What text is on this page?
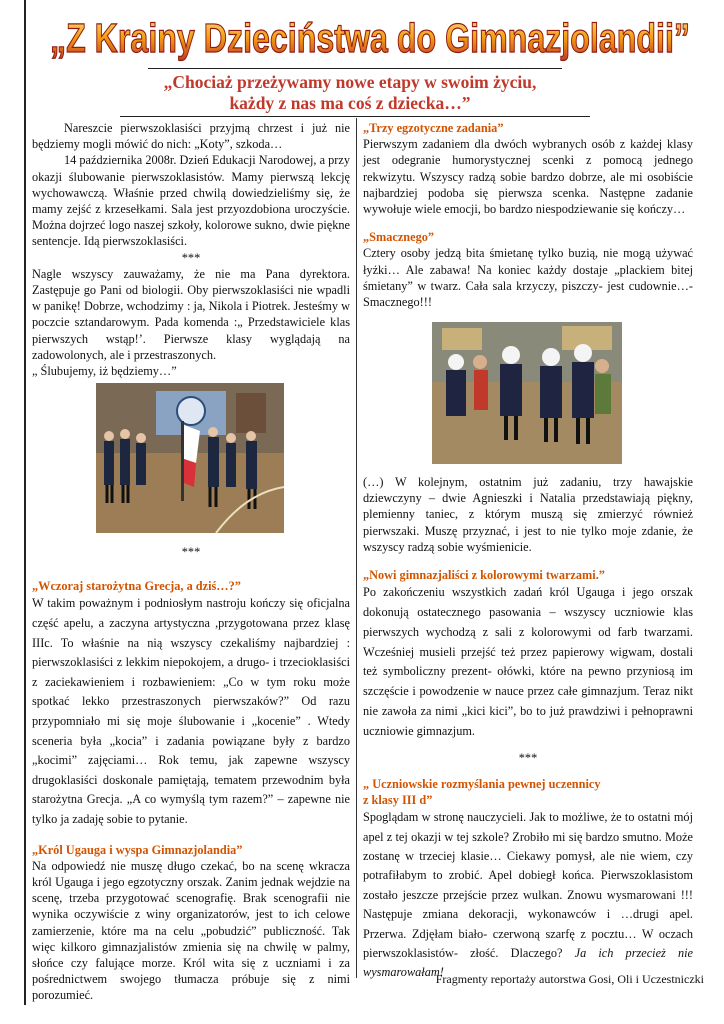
„Z Krainy Dzieciństwa do Gimnazjolandii”
„Chociaż przeżywamy nowe etapy w swoim życiu,
każdy z nas ma coś z dziecka…”

Nareszcie pierwszoklasiści przyjmą chrzest i już nie będziemy mogli mówić do nich: „Koty”, szkoda…

14 października 2008r. Dzień Edukacji Narodowej, a przy okazji ślubowanie pierwszoklasistów. Mamy pierwszą lekcję wychowawczą. Właśnie przed chwilą dowiedzieliśmy się, że mamy zejść z krzesełkami. Sala jest przyozdobiona uroczyście. Można dojrzeć logo naszej szkoły, kolorowe sukno, dwie piękne sentencje. Idą pierwszoklasiści.

***

Nagle wszyscy zauważamy, że nie ma Pana dyrektora. Zastępuje go Pani od biologii. Oby pierwszoklasiści nie wpadli w panikę! Dobrze, wchodzimy : ja, Nikola i Piotrek. Jesteśmy w poczcie sztandarowym. Pada komenda :„ Przedstawiciele klas pierwszych wstąp!’. Pierwsze klasy wyglądają na zadowolonych, ale i przestraszonych.

„ Ślubujemy, iż będziemy…”

***

„Wczoraj starożytna Grecja, a dziś…?”

W takim poważnym i podniosłym nastroju kończy się oficjalna część apelu, a zaczyna artystyczna ,przygotowana przez klasę IIIc. To właśnie na nią wszyscy czekaliśmy najbardziej : pierwszoklasiści z lekkim niepokojem, a drugo- i trzecioklasiści z zaciekawieniem i rozbawieniem: „Co w tym roku może spotkać lekko przestraszonych pierwszaków?” Od razu przypomniało mi się moje ślubowanie i „kocenie” . Wtedy sceneria była „kocia” i zadania powiązane były z bardzo „kocimi” zajęciami… Rok temu, jak zapewne wszyscy drugoklasiści doskonale pamiętają, tematem przewodnim była starożytna Grecja. „A co wymyślą tym razem?” – zapewne nie tylko ja zadaję sobie to pytanie.

„Król Ugauga i wyspa Gimnazjolandia”

Na odpowiedź nie muszę długo czekać, bo na scenę wkracza król Ugauga i jego egzotyczny orszak. Zanim jednak wejdzie na scenę, trzeba przygotować scenografię. Brak scenografii nie wynika oczywiście z winy organizatorów, jest to ich celowe zamierzenie, które ma na celu „pobudzić” publiczność. Tak więc kilkoro gimnazjalistów zmienia się na chwilę w palmy, słońce czy falujące morze. Król wita się z uczniami i za pośrednictwem swojego tłumacza próbuje się z nimi porozumieć.

„Trzy egzotyczne zadania”

Pierwszym zadaniem dla dwóch wybranych osób z każdej klasy jest odegranie humorystycznej scenki z pomocą jednego rekwizytu. Wszyscy radzą sobie bardzo dobrze, ale mi osobiście najbardziej podoba się pierwsza scenka. Następne zadanie wywołuje wiele emocji, bo bardzo niespodziewanie się kończy…

„Smacznego”

Cztery osoby jedzą bita śmietanę tylko buzią, nie mogą używać łyżki… Ale zabawa! Na koniec każdy dostaje „plackiem bitej śmietany” w twarz. Cała sala krzyczy, piszczy- jest cudownie…- Smacznego!!!

(…) W kolejnym, ostatnim już zadaniu, trzy hawajskie dziewczyny – dwie Agnieszki i Natalia przedstawiają piękny, plemienny taniec, z którym muszą się zmierzyć również pierwszaki. Muszę przyznać, i jest to nie tylko moje zdanie, że wszyscy radzą sobie wyśmienicie.

„Nowi gimnazjaliści z kolorowymi twarzami.”

Po zakończeniu wszystkich zadań król Ugauga i jego orszak dokonują ostatecznego pasowania – wszyscy uczniowie klas pierwszych wychodzą z sali z kolorowymi od farb twarzami. Wcześniej musieli przejść też przez papierowy wigwam, dostali też symboliczny prezent- ołówki, które na pewno przyniosą im szczęście i powodzenie w nauce przez całe gimnazjum. Teraz nikt nie zawoła za nimi „kici kici”, bo to już prawdziwi i pełnoprawni uczniowie gimnazjum.

***

„ Uczniowskie rozmyślania pewnej uczennicy
z klasy III d”

Spoglądam w stronę nauczycieli. Jak to możliwe, że to ostatni mój apel z tej okazji w tej szkole? Zrobiło mi się bardzo smutno. Może zostanę w trzeciej klasie… Ciekawy pomysł, ale nie wiem, czy potrafiłabym to zrobić. Apel dobiegł końca. Pierwszoklasistom zostało jeszcze przejście przez wulkan. Znowu wysmarowani !!! Następuje zmiana dekoracji, wykonawców i …drugi apel. Przerwa. Zdjęłam biało- czerwoną szarfę z pocztu… W oczach pierwszoklasistów- złość. Dlaczego? Ja ich przecież nie wysmarowałam!

Fragmenty reportaży autorstwa Gosi, Oli i Uczestniczki
